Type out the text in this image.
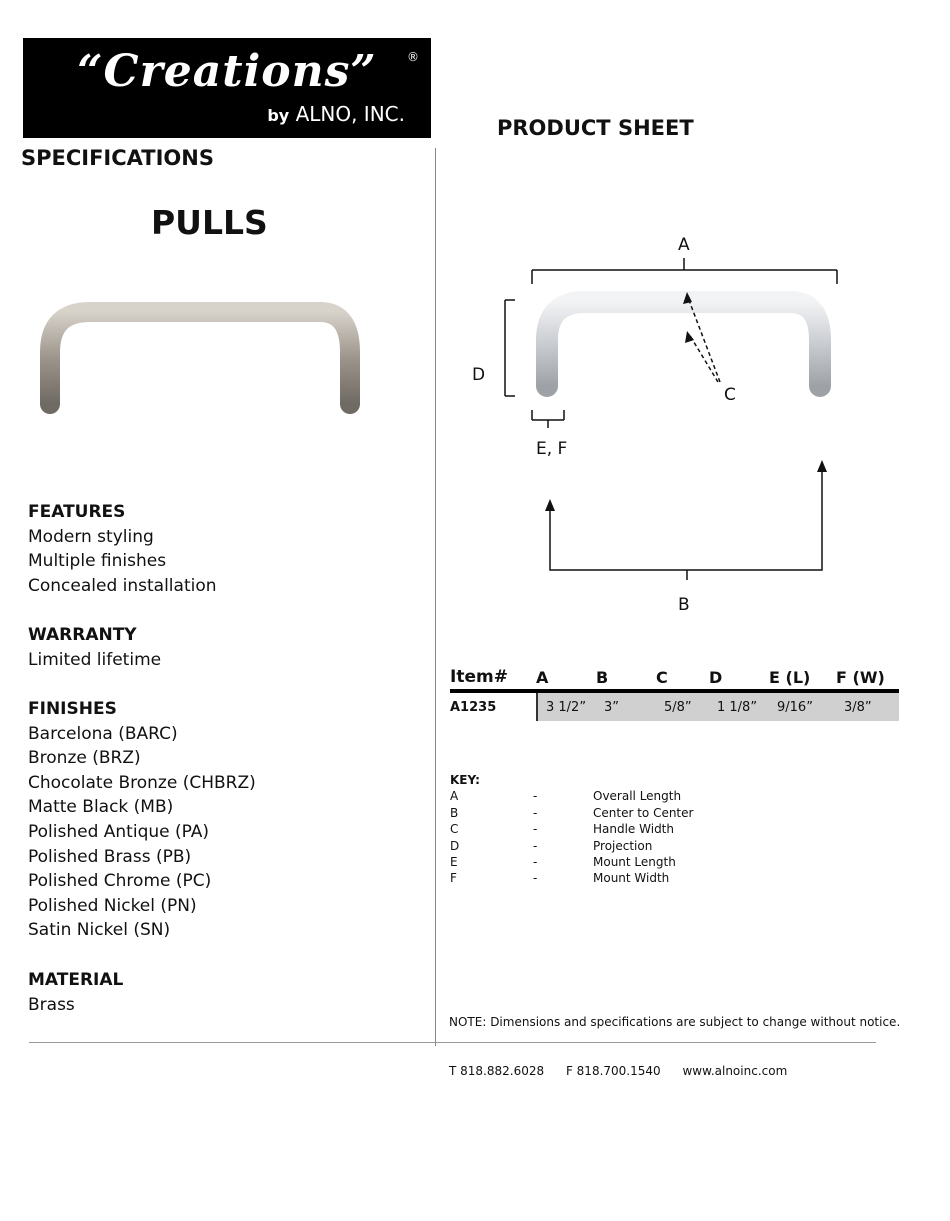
“Creations”	®
by ALNO, INC.
PRODUCT SHEET
SPECIFICATIONS
PULLS
A
D
C
E, F
B
FEATURES
Modern styling
Multiple finishes
Concealed installation
WARRANTY
Limited lifetime
FINISHES
Barcelona (BARC)
Bronze (BRZ)
Chocolate Bronze (CHBRZ)
Matte Black (MB)
Polished Antique (PA)
Polished Brass (PB)
Polished Chrome (PC)
Polished Nickel (PN)
Satin Nickel (SN)
MATERIAL
Brass
Item#	A	B	C	D	E (L)	F (W)
A1235	3 1/2”	3”	5/8”	1 1/8”	9/16”	3/8”
KEY:
A	-	Overall Length
B	-	Center to Center
C	-	Handle Width
D	-	Projection
E	-	Mount Length
F	-	Mount Width
NOTE: Dimensions and specifications are subject to change without notice.
T 818.882.6028 F 818.700.1540 www.alnoinc.com
